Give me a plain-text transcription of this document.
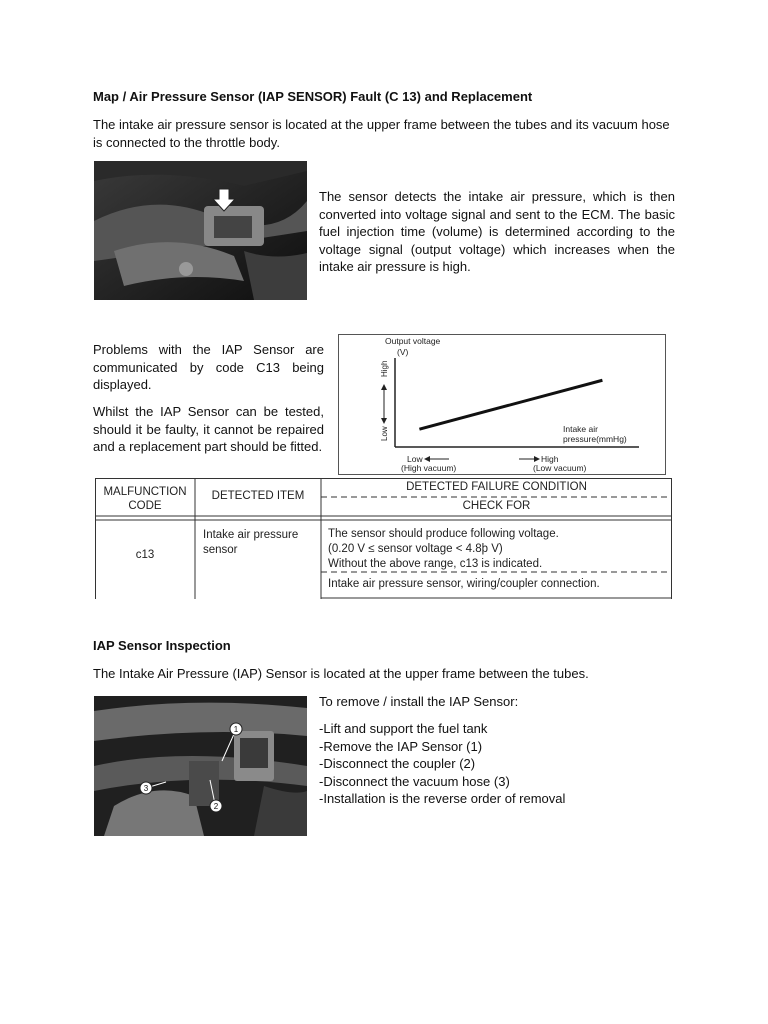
Map / Air Pressure Sensor (IAP SENSOR) Fault (C 13) and Replacement
The intake air pressure sensor is located at the upper frame between the tubes and its vacuum hose is connected to the throttle body.
The sensor detects the intake air pressure, which is then converted into voltage signal and sent to the ECM. The basic fuel injection time (volume) is determined according to the voltage signal (output voltage) which increases when the intake air pressure is high.
Problems with the IAP Sensor are communicated by code C13 being displayed.
Whilst the IAP Sensor can be tested, should it be faulty, it cannot be repaired and a replacement part should be fitted.
Output voltage
(V)
High
Low	Intake air
pressure(mmHg)
Low
(High vacuum)
High
(Low vacuum)
MALFUNCTION CODE
DETECTED ITEM
DETECTED FAILURE CONDITION
CHECK FOR
c13
Intake air pressure sensor
The sensor should produce following voltage.
(0.20 V ≤ sensor voltage < 4.8þ V)
Without the above range, c13 is indicated.
Intake air pressure sensor, wiring/coupler connection.
IAP Sensor Inspection
The Intake Air Pressure (IAP) Sensor is located at the upper frame between the tubes.
1
2
3
To remove / install the IAP Sensor:
- Lift and support the fuel tank
- Remove the IAP Sensor (1)
- Disconnect the coupler (2)
- Disconnect the vacuum hose (3)
- Installation is the reverse order of removal
